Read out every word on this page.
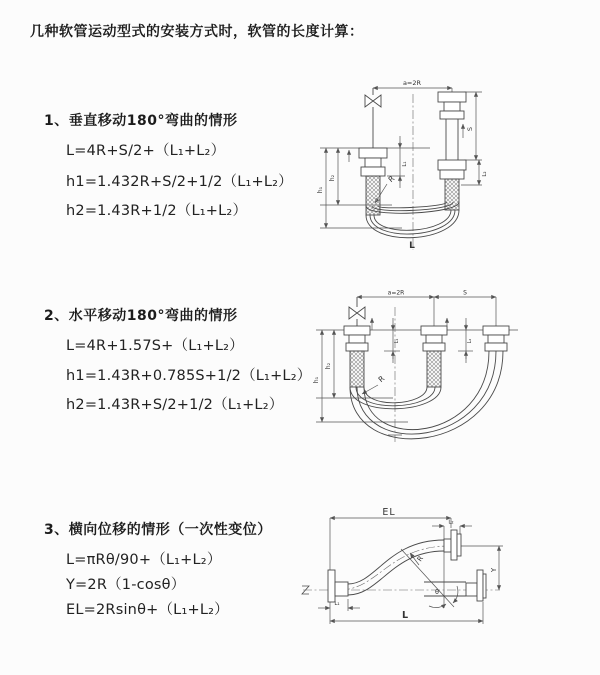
几种软管运动型式的安装方式时，软管的长度计算：
1、垂直移动180°弯曲的情形
L=4R+S/2+（L₁+L₂）
h1=1.432R+S/2+1/2（L₁+L₂）
h2=1.43R+1/2（L₁+L₂）
2、水平移动180°弯曲的情形
L=4R+1.57S+（L₁+L₂）
h1=1.43R+0.785S+1/2（L₁+L₂）
h2=1.43R+S/2+1/2（L₁+L₂）
3、横向位移的情形（一次性变位）
L=πRθ/90+（L₁+L₂）
Y=2R（1-cosθ）
EL=2Rsinθ+（L₁+L₂）
a=2R
h₁
h₂
L₁
S
L₂
R
L
a=2R	S
h₁
h₂
L₁	L₂
R
EL
L₂
Y
R
θ
L
L₁
